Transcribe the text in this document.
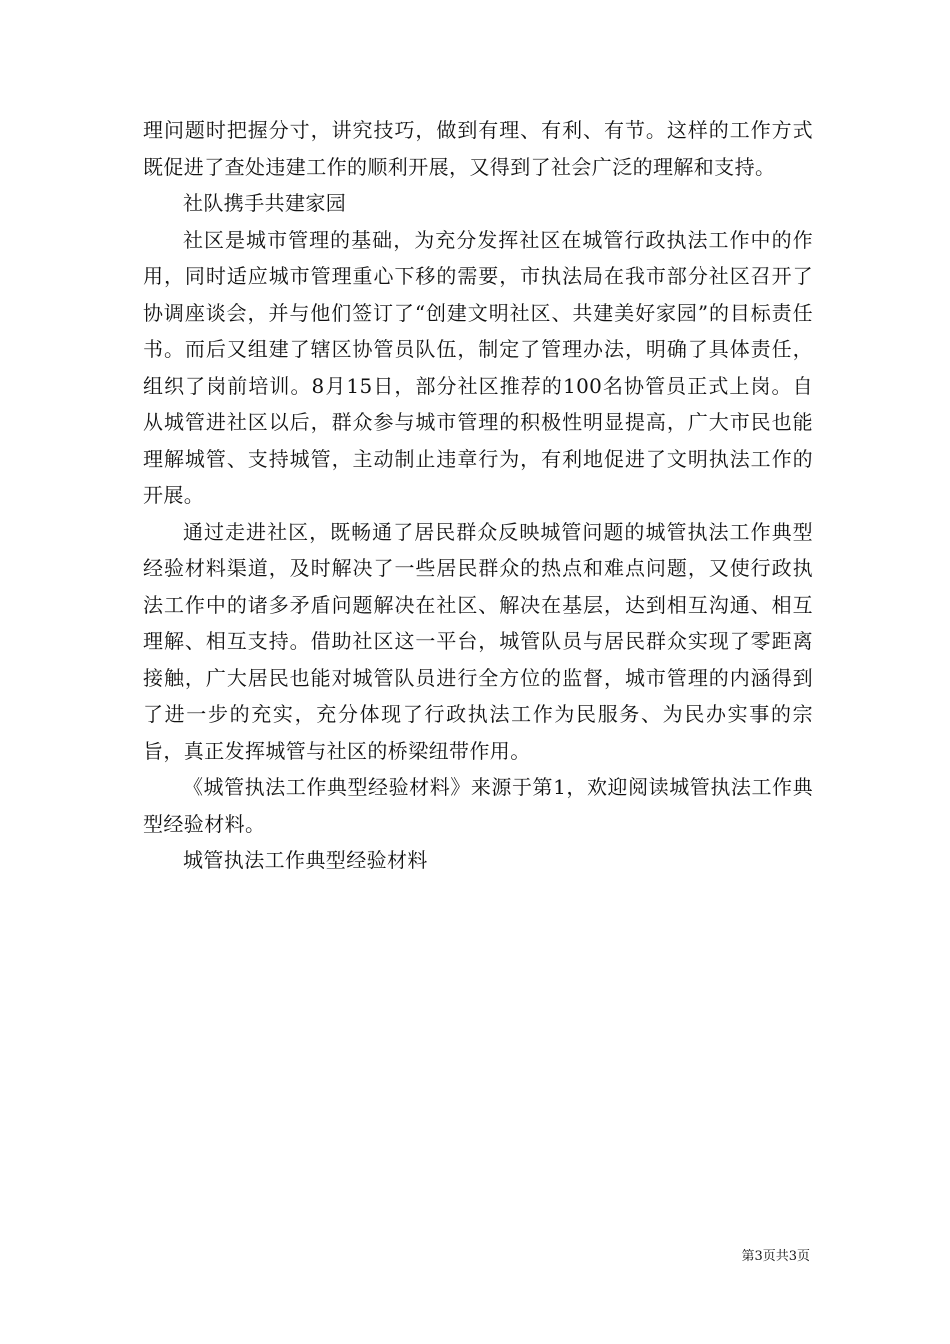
理问题时把握分寸，讲究技巧，做到有理、有利、有节。这样的工作方式既促进了查处违建工作的顺利开展，又得到了社会广泛的理解和支持。

社队携手共建家园

社区是城市管理的基础，为充分发挥社区在城管行政执法工作中的作用，同时适应城市管理重心下移的需要，市执法局在我市部分社区召开了协调座谈会，并与他们签订了“创建文明社区、共建美好家园”的目标责任书。而后又组建了辖区协管员队伍，制定了管理办法，明确了具体责任，组织了岗前培训。8月15日，部分社区推荐的100名协管员正式上岗。自从城管进社区以后，群众参与城市管理的积极性明显提高，广大市民也能理解城管、支持城管，主动制止违章行为，有利地促进了文明执法工作的开展。

通过走进社区，既畅通了居民群众反映城管问题的城管执法工作典型经验材料渠道，及时解决了一些居民群众的热点和难点问题，又使行政执法工作中的诸多矛盾问题解决在社区、解决在基层，达到相互沟通、相互理解、相互支持。借助社区这一平台，城管队员与居民群众实现了零距离接触，广大居民也能对城管队员进行全方位的监督，城市管理的内涵得到了进一步的充实，充分体现了行政执法工作为民服务、为民办实事的宗旨，真正发挥城管与社区的桥梁纽带作用。

《城管执法工作典型经验材料》来源于第1，欢迎阅读城管执法工作典型经验材料。

城管执法工作典型经验材料

第3页共3页
